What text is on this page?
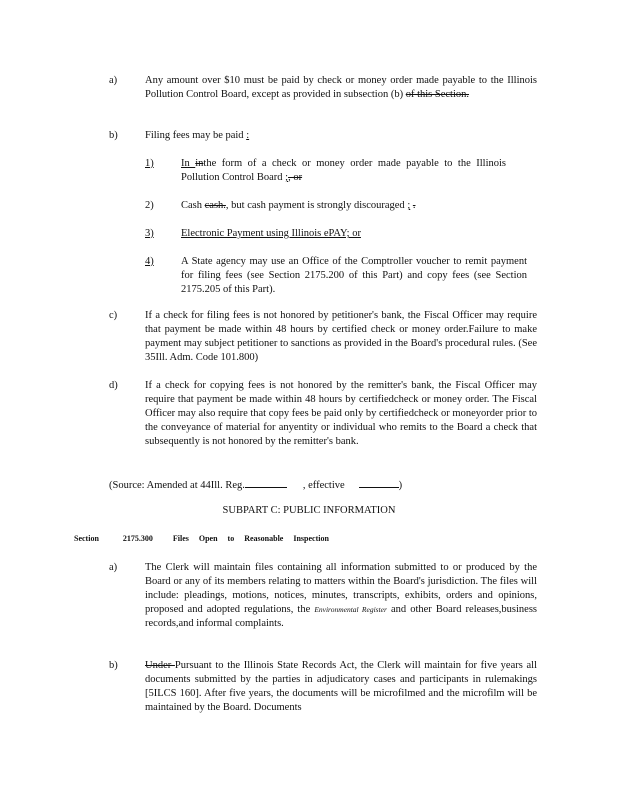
a)	Any amount over $10 must be paid by check or money order made payable to the Illinois Pollution Control Board, except as provided in subsection (b) of this Section.
b)	Filing fees may be paid :
1)	In inthe form of a check or money order made payable to the Illinois Pollution Control Board ;, or
2)	Cash cash., but cash payment is strongly discouraged ; .
3)	Electronic Payment using Illinois ePAY; or
4)	A State agency may use an Office of the Comptroller voucher to remit payment for filing fees (see Section 2175.200 of this Part) and copy fees (see Section 2175.205 of this Part).
c)	If a check for filing fees is not honored by petitioner's bank, the Fiscal Officer may require that payment be made within 48 hours by certified check or money order.Failure to make payment may subject petitioner to sanctions as provided in the Board's procedural rules. (See 35Ill. Adm. Code 101.800)
d)	If a check for copying fees is not honored by the remitter's bank, the Fiscal Officer may require that payment be made within 48 hours by certifiedcheck or money order. The Fiscal Officer may also require that copy fees be paid only by certifiedcheck or moneyorder prior to the conveyance of material for anyentity or individual who remits to the Board a check that subsequently is not honored by the remitter's bank.
(Source: Amended at 44Ill. Reg.	, effective	)
SUBPART C: PUBLIC INFORMATION
Section	2175.300	Files Open to Reasonable Inspection
a)	The Clerk will maintain files containing all information submitted to or produced by the Board or any of its members relating to matters within the Board's jurisdiction. The files will include: pleadings, motions, notices, minutes, transcripts, exhibits, orders and opinions, proposed and adopted regulations, the Environmental Register and other Board releases,business records,and informal complaints.
b)	Under Pursuant to the Illinois State Records Act, the Clerk will maintain for five years all documents submitted by the parties in adjudicatory cases and participants in rulemakings [5ILCS 160]. After five years, the documents will be microfilmed and the microfilm will be maintained by the Board. Documents
